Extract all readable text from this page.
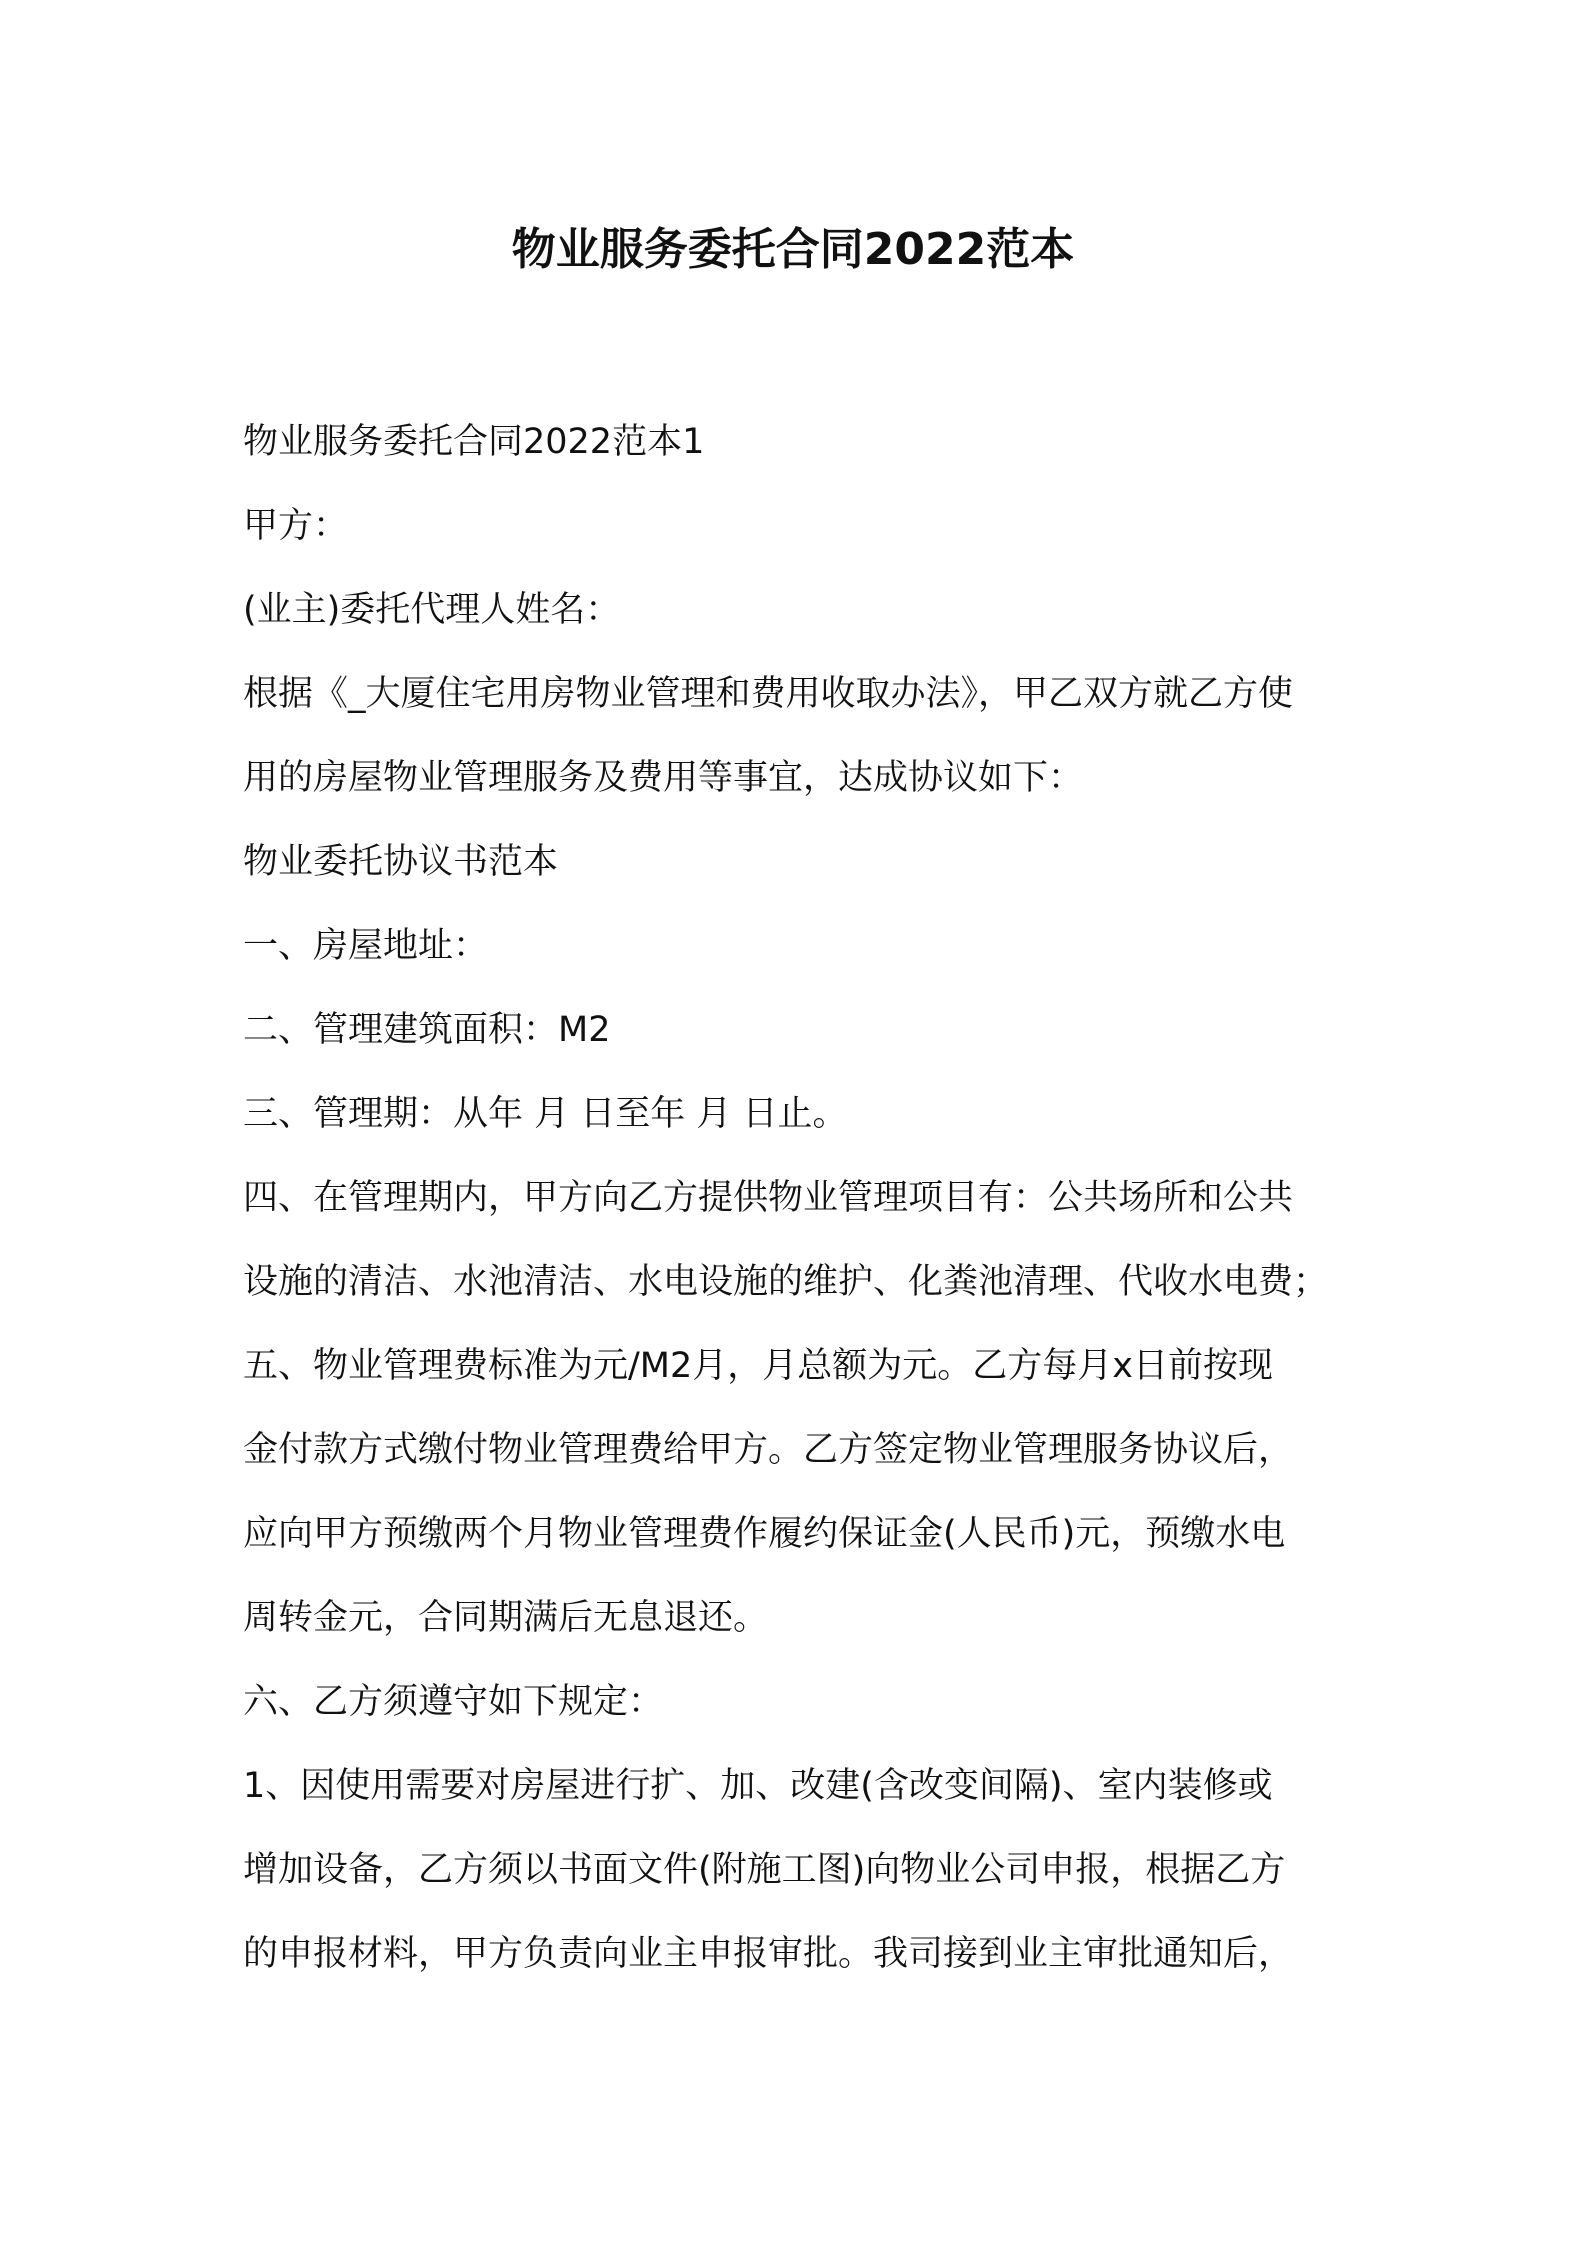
物业服务委托合同2022范本
物业服务委托合同2022范本1
甲方：
(业主)委托代理人姓名：
根据《_大厦住宅用房物业管理和费用收取办法》，甲乙双方就乙方使
用的房屋物业管理服务及费用等事宜，达成协议如下：
物业委托协议书范本
一、房屋地址：
二、管理建筑面积：M2
三、管理期：从年 月 日至年 月 日止。
四、在管理期内，甲方向乙方提供物业管理项目有：公共场所和公共
设施的清洁、水池清洁、水电设施的维护、化粪池清理、代收水电费；
五、物业管理费标准为元/M2月，月总额为元。乙方每月x日前按现
金付款方式缴付物业管理费给甲方。乙方签定物业管理服务协议后，
应向甲方预缴两个月物业管理费作履约保证金(人民币)元，预缴水电
周转金元，合同期满后无息退还。
六、乙方须遵守如下规定：
1、因使用需要对房屋进行扩、加、改建(含改变间隔)、室内装修或
增加设备，乙方须以书面文件(附施工图)向物业公司申报，根据乙方
的申报材料，甲方负责向业主申报审批。我司接到业主审批通知后，
